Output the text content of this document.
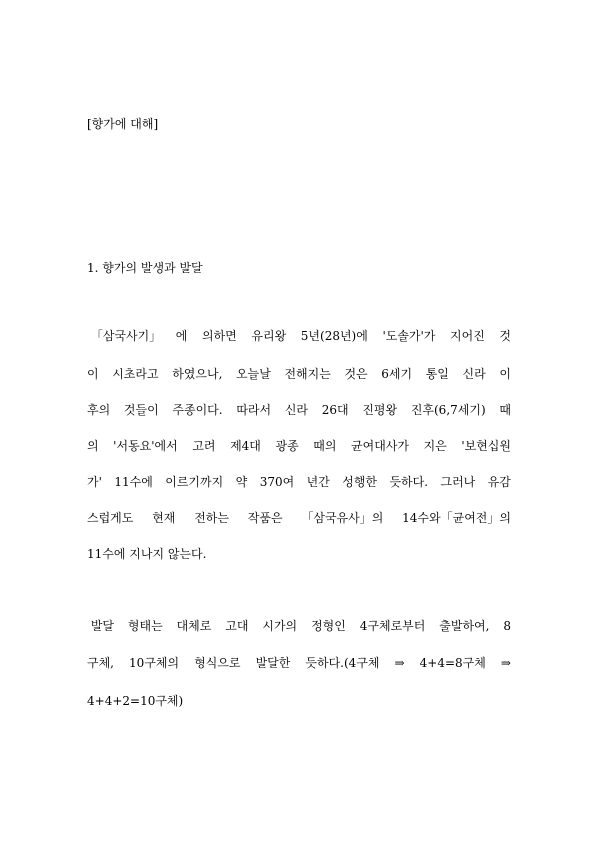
[향가에 대해]
1. 향가의 발생과 발달
「삼국사기」 에 의하면 유리왕 5년(28년)에 '도솔가'가 지어진 것
이 시초라고 하였으나, 오늘날 전해지는 것은 6세기 통일 신라 이
후의 것들이 주종이다. 따라서 신라 26대 진평왕 진후(6,7세기) 때
의 '서동요'에서 고려 제4대 광종 때의 균여대사가 지은 '보현십원
가' 11수에 이르기까지 약 370여 년간 성행한 듯하다. 그러나 유감
스럽게도 현재 전하는 작품은 「삼국유사」의 14수와「균여전」의
11수에 지나지 않는다.
발달 형태는 대체로 고대 시가의 정형인 4구체로부터 출발하여, 8
구체, 10구체의 형식으로 발달한 듯하다.(4구체 ⇒ 4+4=8구체 ⇒
4+4+2=10구체)
